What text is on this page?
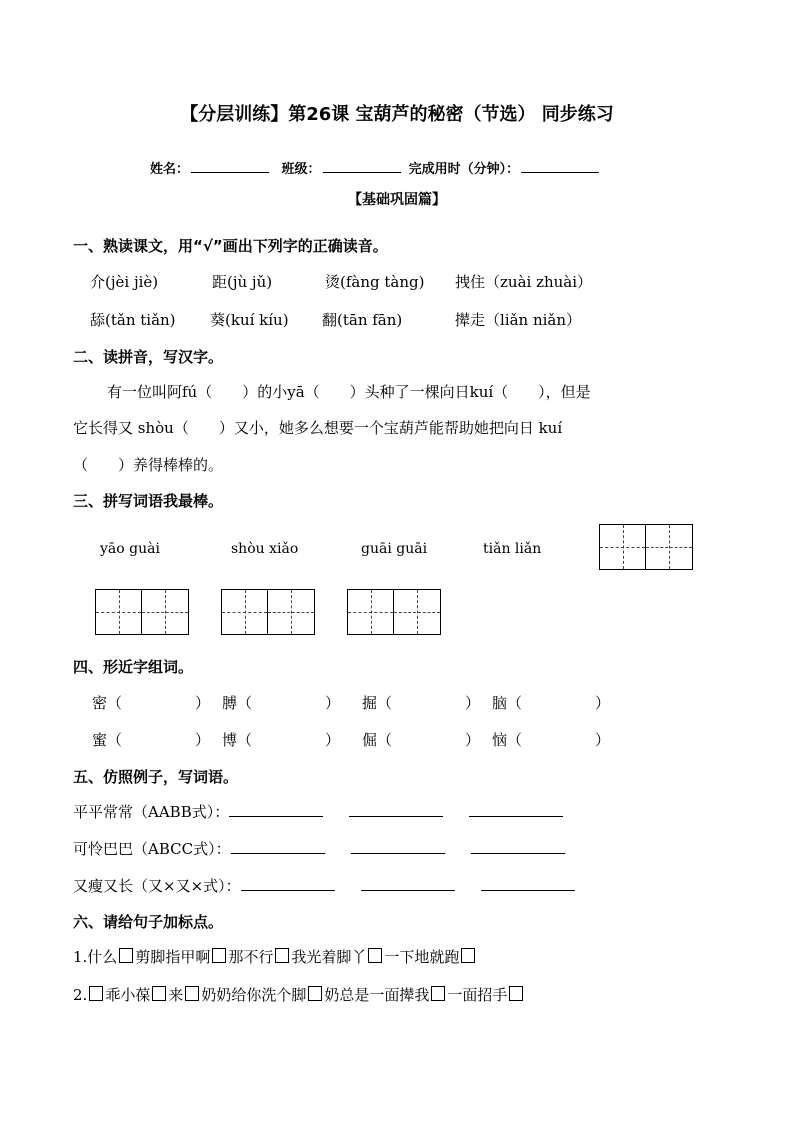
【分层训练】第26课 宝葫芦的秘密（节选） 同步练习
姓名：	班级：	完成用时（分钟）：
【基础巩固篇】
一、熟读课文，用“√”画出下列字的正确读音。
介(jèi jiè)	距(jù jǔ)	烫(fàng tàng) 拽住（zuài zhuài）
舔(tǎn tiǎn) 葵(kuí kíu) 翻(tān fān)	撵走（liǎn niǎn）
二、读拼音，写汉字。
有一位叫阿fú（　　）的小yā（　　）头种了一棵向日kuí（　　），但是
它长得又 shòu（　　）又小，她多么想要一个宝葫芦能帮助她把向日 kuí
（　　）养得棒棒的。
三、拼写词语我最棒。
yāo guài	shòu xiǎo	guāi guāi	tiǎn liǎn
四、形近字组词。
密（	） 膊（	） 掘（	） 脑（	）
蜜（	） 博（	） 倔（	） 恼（	）
五、仿照例子，写词语。
平平常常（AABB式）：
可怜巴巴（ABCC式）：
又瘦又长（又×又×式）：
六、请给句子加标点。
1.什么 剪脚指甲啊 那不行 我光着脚丫 一下地就跑
2. 乖小葆 来 奶奶给你洗个脚 奶总是一面撵我 一面招手
